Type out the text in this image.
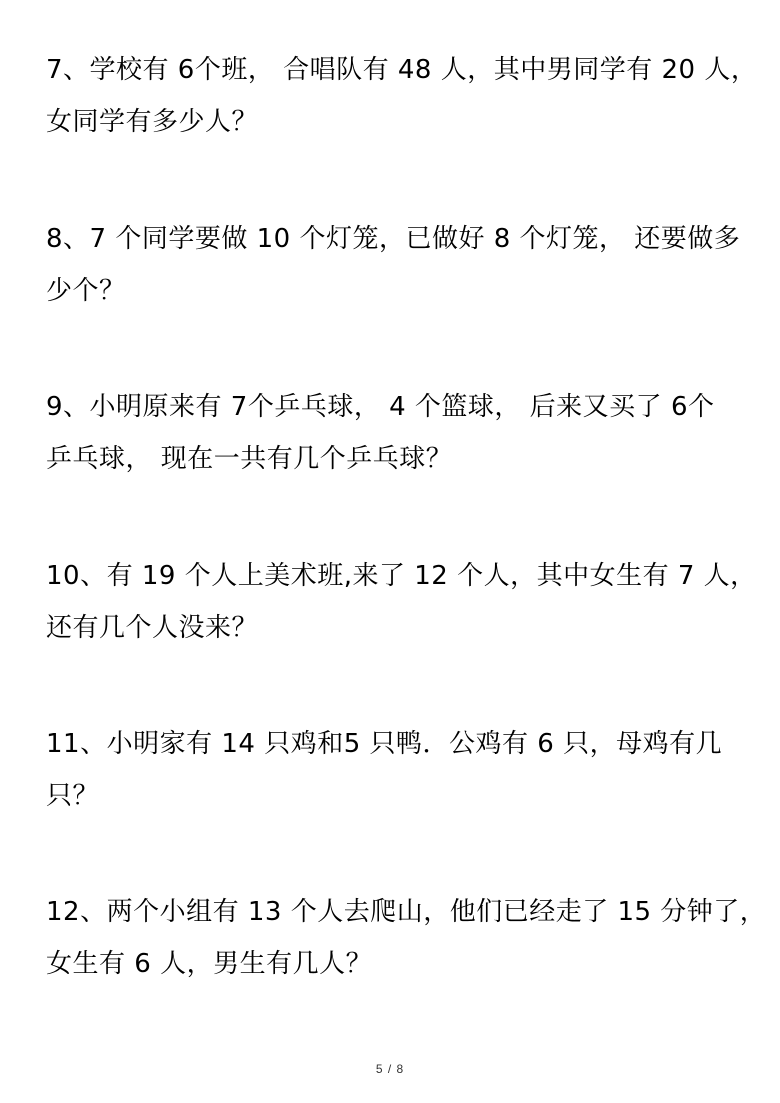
7、学校有 6个班， 合唱队有 48 人，其中男同学有 20 人，
女同学有多少人？

8、7 个同学要做 10 个灯笼，已做好 8 个灯笼， 还要做多
少个？

9、小明原来有 7个乒乓球， 4 个篮球， 后来又买了 6个
乒乓球， 现在一共有几个乒乓球？

10、有 19 个人上美术班,来了 12 个人，其中女生有 7 人，
还有几个人没来？

11、小明家有 14 只鸡和5 只鸭．公鸡有 6 只，母鸡有几
只？

12、两个小组有 13 个人去爬山，他们已经走了 15 分钟了，
女生有 6 人，男生有几人？

5 / 8
